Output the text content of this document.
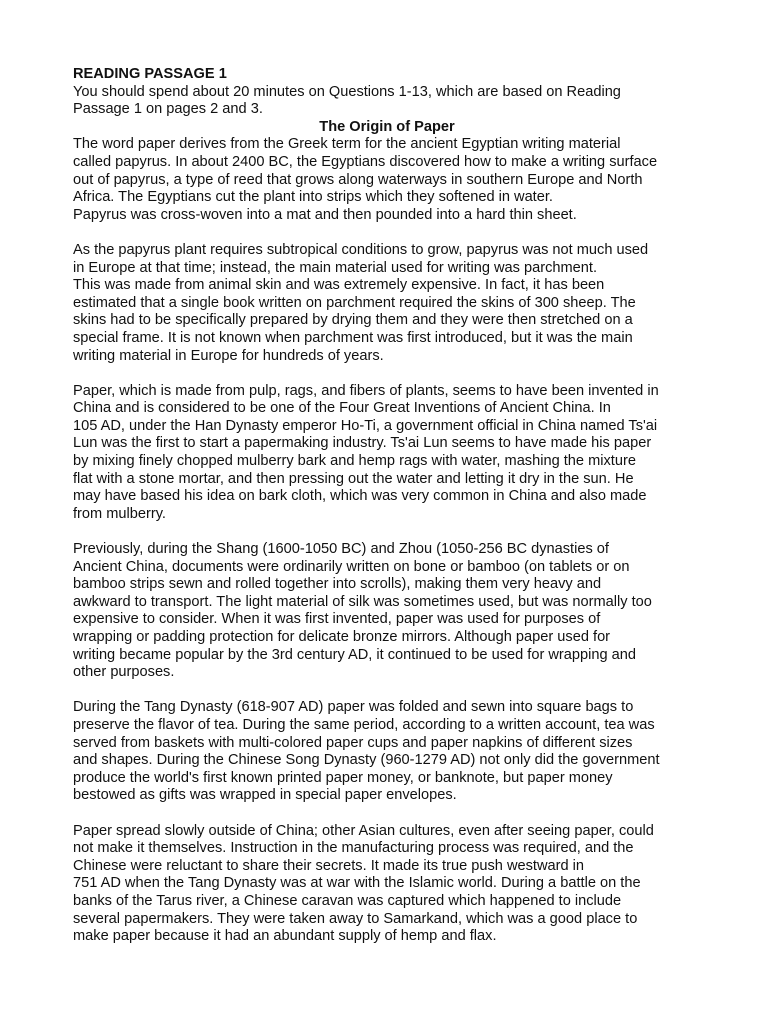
READING PASSAGE 1
You should spend about 20 minutes on Questions 1-13, which are based on Reading
Passage 1 on pages 2 and 3.
The Origin of Paper
The word paper derives from the Greek term for the ancient Egyptian writing material
called papyrus. In about 2400 BC, the Egyptians discovered how to make a writing surface
out of papyrus, a type of reed that grows along waterways in southern Europe and North
Africa. The Egyptians cut the plant into strips which they softened in water.
Papyrus was cross-woven into a mat and then pounded into a hard thin sheet.
As the papyrus plant requires subtropical conditions to grow, papyrus was not much used
in Europe at that time; instead, the main material used for writing was parchment.
This was made from animal skin and was extremely expensive. In fact, it has been
estimated that a single book written on parchment required the skins of 300 sheep. The
skins had to be specifically prepared by drying them and they were then stretched on a
special frame. It is not known when parchment was first introduced, but it was the main
writing material in Europe for hundreds of years.
Paper, which is made from pulp, rags, and fibers of plants, seems to have been invented in
China and is considered to be one of the Four Great Inventions of Ancient China. In
105 AD, under the Han Dynasty emperor Ho-Ti, a government official in China named Ts'ai
Lun was the first to start a papermaking industry. Ts'ai Lun seems to have made his paper
by mixing finely chopped mulberry bark and hemp rags with water, mashing the mixture
flat with a stone mortar, and then pressing out the water and letting it dry in the sun. He
may have based his idea on bark cloth, which was very common in China and also made
from mulberry.
Previously, during the Shang (1600-1050 BC) and Zhou (1050-256 BC dynasties of
Ancient China, documents were ordinarily written on bone or bamboo (on tablets or on
bamboo strips sewn and rolled together into scrolls), making them very heavy and
awkward to transport. The light material of silk was sometimes used, but was normally too
expensive to consider. When it was first invented, paper was used for purposes of
wrapping or padding protection for delicate bronze mirrors. Although paper used for
writing became popular by the 3rd century AD, it continued to be used for wrapping and
other purposes.
During the Tang Dynasty (618-907 AD) paper was folded and sewn into square bags to
preserve the flavor of tea. During the same period, according to a written account, tea was
served from baskets with multi-colored paper cups and paper napkins of different sizes
and shapes. During the Chinese Song Dynasty (960-1279 AD) not only did the government
produce the world's first known printed paper money, or banknote, but paper money
bestowed as gifts was wrapped in special paper envelopes.
Paper spread slowly outside of China; other Asian cultures, even after seeing paper, could
not make it themselves. Instruction in the manufacturing process was required, and the
Chinese were reluctant to share their secrets. It made its true push westward in
751 AD when the Tang Dynasty was at war with the Islamic world. During a battle on the
banks of the Tarus river, a Chinese caravan was captured which happened to include
several papermakers. They were taken away to Samarkand, which was a good place to
make paper because it had an abundant supply of hemp and flax.
